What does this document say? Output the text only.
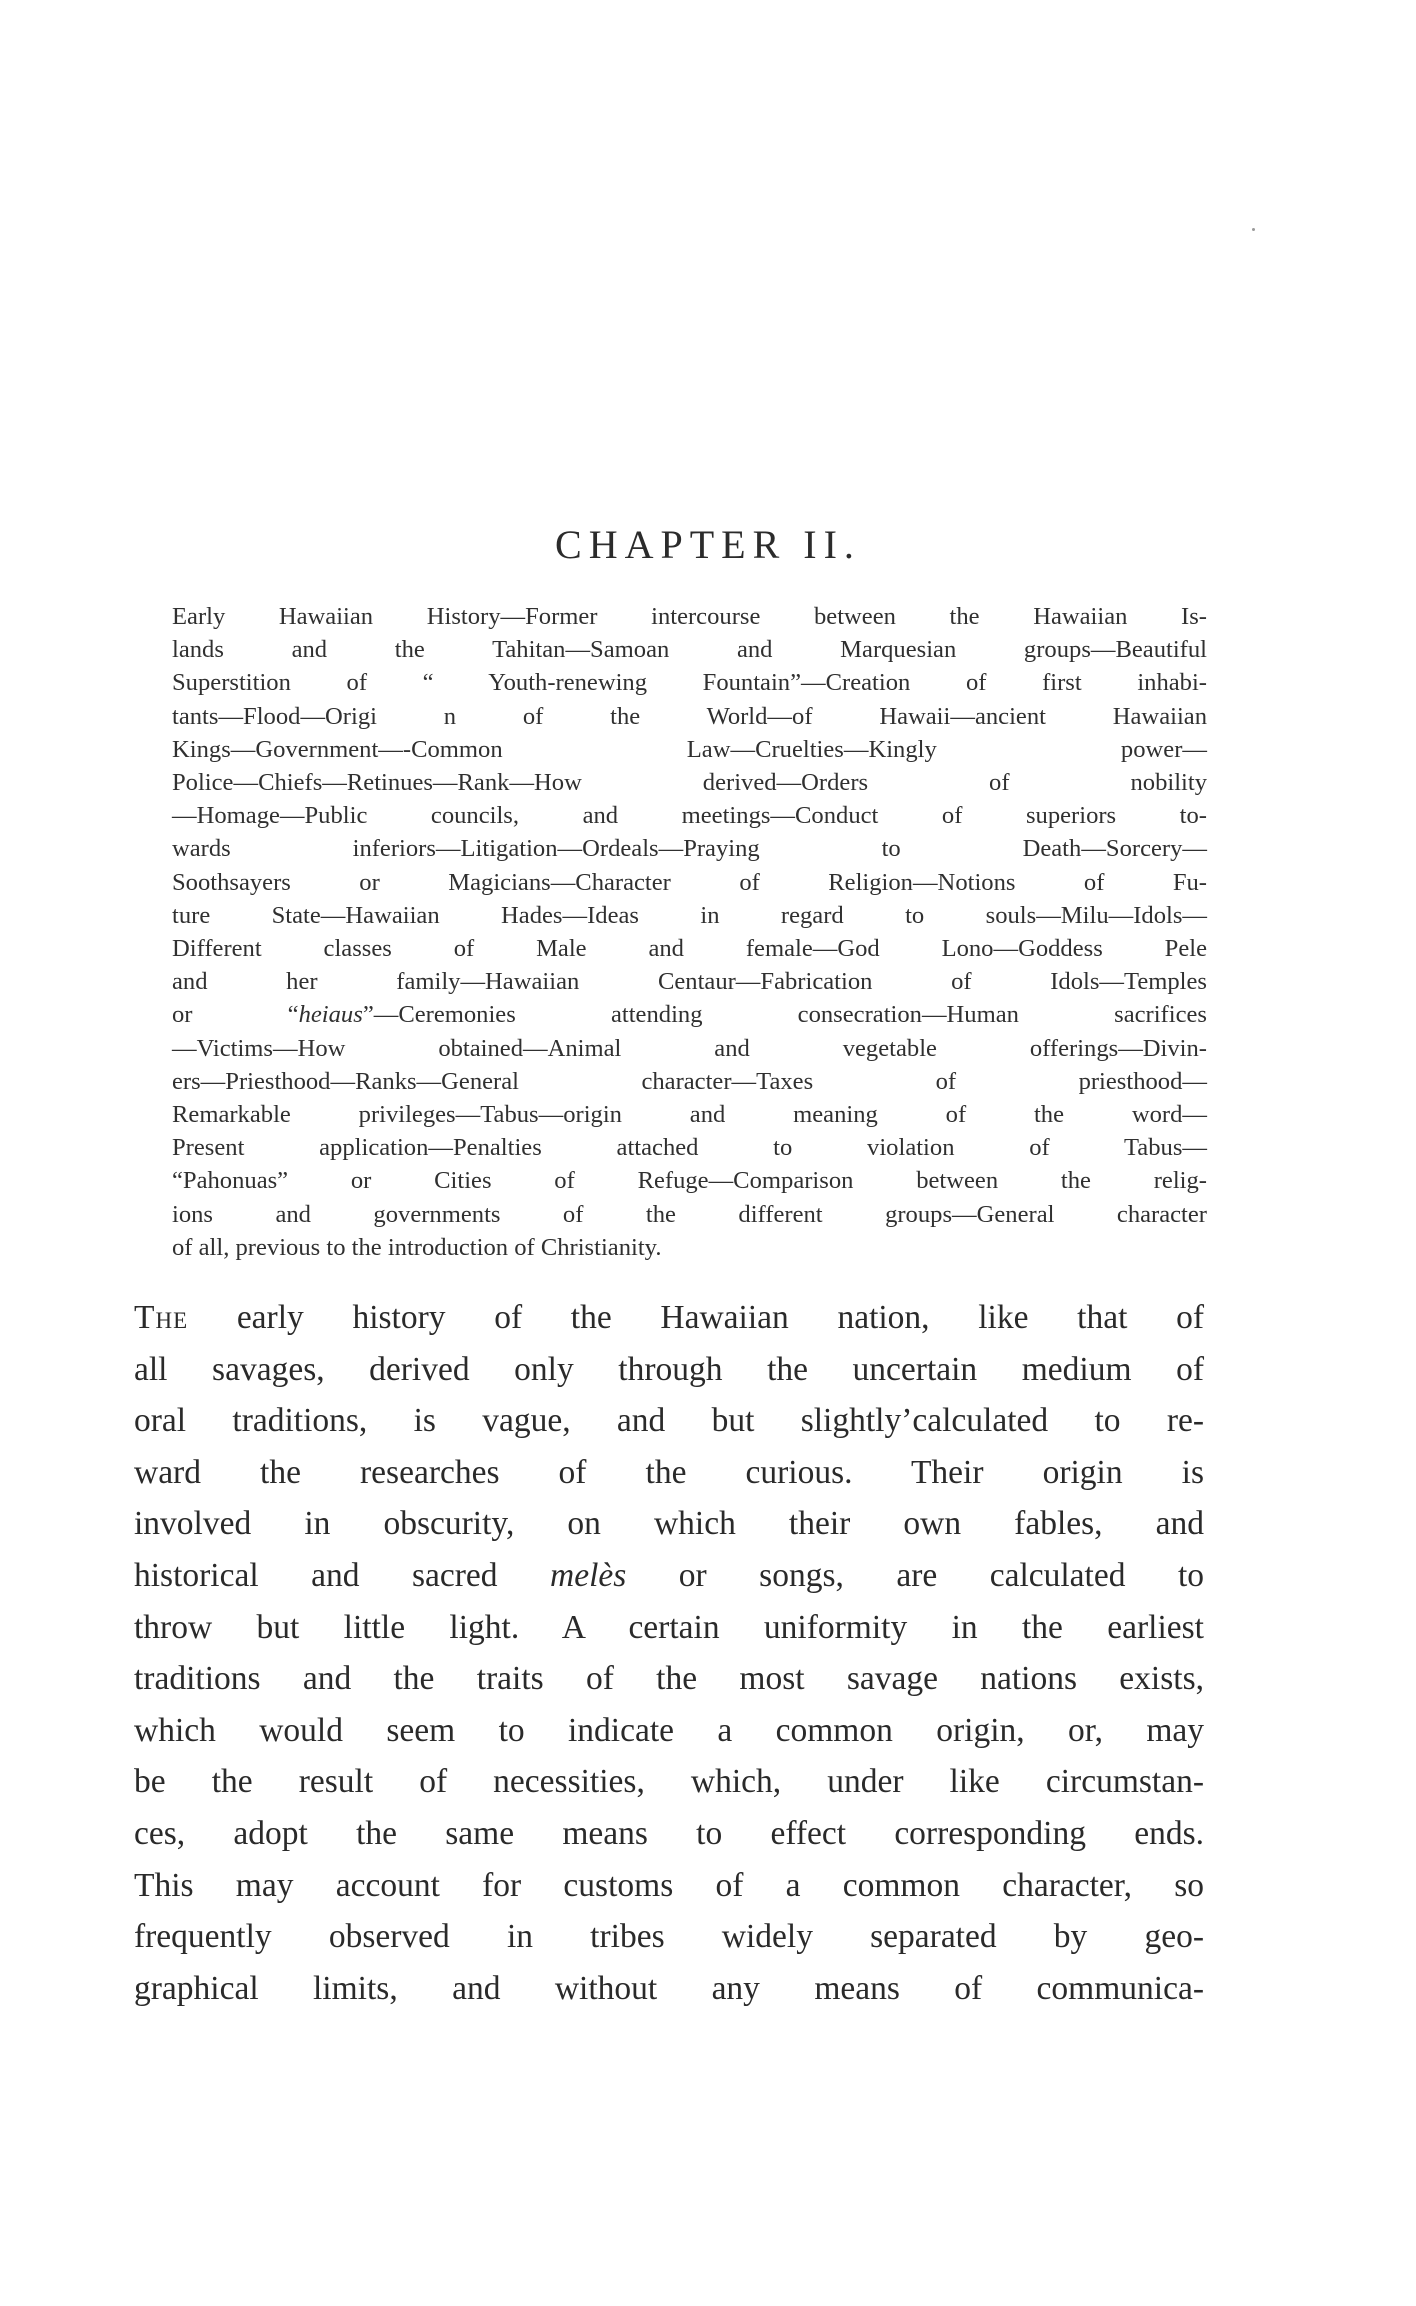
CHAPTER II.

Early Hawaiian History—Former intercourse between the Hawaiian Is-
lands and the Tahitan—Samoan and Marquesian groups—Beautiful
Superstition of “ Youth-renewing Fountain”—Creation of first inhabi-
tants—Flood—Origi n of the World—of Hawaii—ancient Hawaiian
Kings—Government—-Common Law—Cruelties—Kingly power—
Police—Chiefs—Retinues—Rank—How derived—Orders of nobility
—Homage—Public councils, and meetings—Conduct of superiors to-
wards inferiors—Litigation—Ordeals—Praying to Death—Sorcery—
Soothsayers or Magicians—Character of Religion—Notions of Fu-
ture State—Hawaiian Hades—Ideas in regard to souls—Milu—Idols—
Different classes of Male and female—God Lono—Goddess Pele
and her family—Hawaiian Centaur—Fabrication of Idols—Temples
or “heiaus”—Ceremonies attending consecration—Human sacrifices
—Victims—How obtained—Animal and vegetable offerings—Divin-
ers—Priesthood—Ranks—General character—Taxes of priesthood—
Remarkable privileges—Tabus—origin and meaning of the word—
Present application—Penalties attached to violation of Tabus—
“Pahonuas” or Cities of Refuge—Comparison between the relig-
ions and governments of the different groups—General character
of all, previous to the introduction of Christianity.

The early history of the Hawaiian nation, like that of
all savages, derived only through the uncertain medium of
oral traditions, is vague, and but slightly’calculated to re-
ward the researches of the curious. Their origin is
involved in obscurity, on which their own fables, and
historical and sacred melès or songs, are calculated to
throw but little light. A certain uniformity in the earliest
traditions and the traits of the most savage nations exists,
which would seem to indicate a common origin, or, may
be the result of necessities, which, under like circumstan-
ces, adopt the same means to effect corresponding ends.
This may account for customs of a common character, so
frequently observed in tribes widely separated by geo-
graphical limits, and without any means of communica-
